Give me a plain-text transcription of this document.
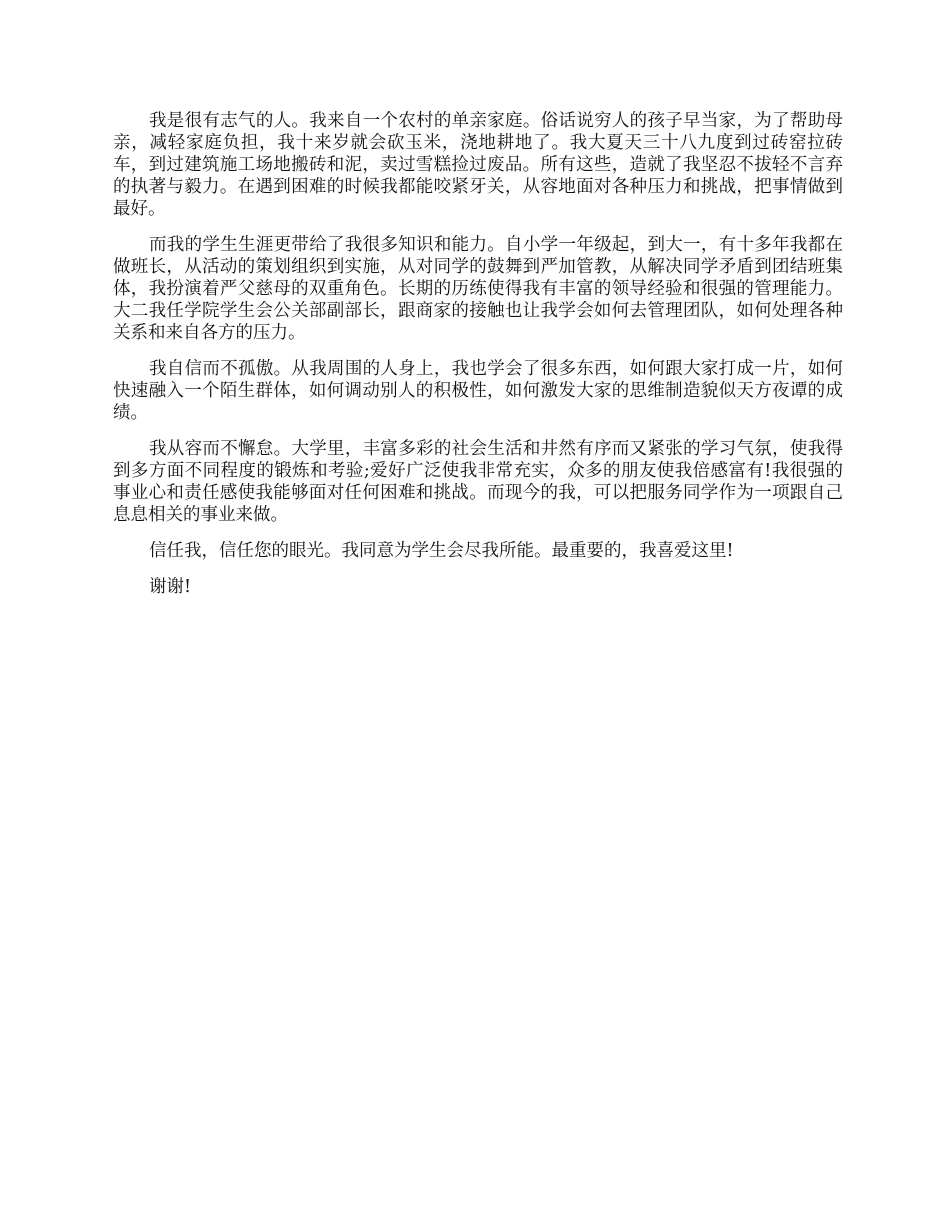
我是很有志气的人。我来自一个农村的单亲家庭。俗话说穷人的孩子早当家，为了帮助母亲，减轻家庭负担，我十来岁就会砍玉米，浇地耕地了。我大夏天三十八九度到过砖窑拉砖车，到过建筑施工场地搬砖和泥，卖过雪糕捡过废品。所有这些，造就了我坚忍不拔轻不言弃的执著与毅力。在遇到困难的时候我都能咬紧牙关，从容地面对各种压力和挑战，把事情做到最好。

而我的学生生涯更带给了我很多知识和能力。自小学一年级起，到大一，有十多年我都在做班长，从活动的策划组织到实施，从对同学的鼓舞到严加管教，从解决同学矛盾到团结班集体，我扮演着严父慈母的双重角色。长期的历练使得我有丰富的领导经验和很强的管理能力。大二我任学院学生会公关部副部长，跟商家的接触也让我学会如何去管理团队，如何处理各种关系和来自各方的压力。

我自信而不孤傲。从我周围的人身上，我也学会了很多东西，如何跟大家打成一片，如何快速融入一个陌生群体，如何调动别人的积极性，如何激发大家的思维制造貌似天方夜谭的成绩。

我从容而不懈怠。大学里，丰富多彩的社会生活和井然有序而又紧张的学习气氛，使我得到多方面不同程度的锻炼和考验;爱好广泛使我非常充实，众多的朋友使我倍感富有!我很强的事业心和责任感使我能够面对任何困难和挑战。而现今的我，可以把服务同学作为一项跟自己息息相关的事业来做。

信任我，信任您的眼光。我同意为学生会尽我所能。最重要的，我喜爱这里!

谢谢!
